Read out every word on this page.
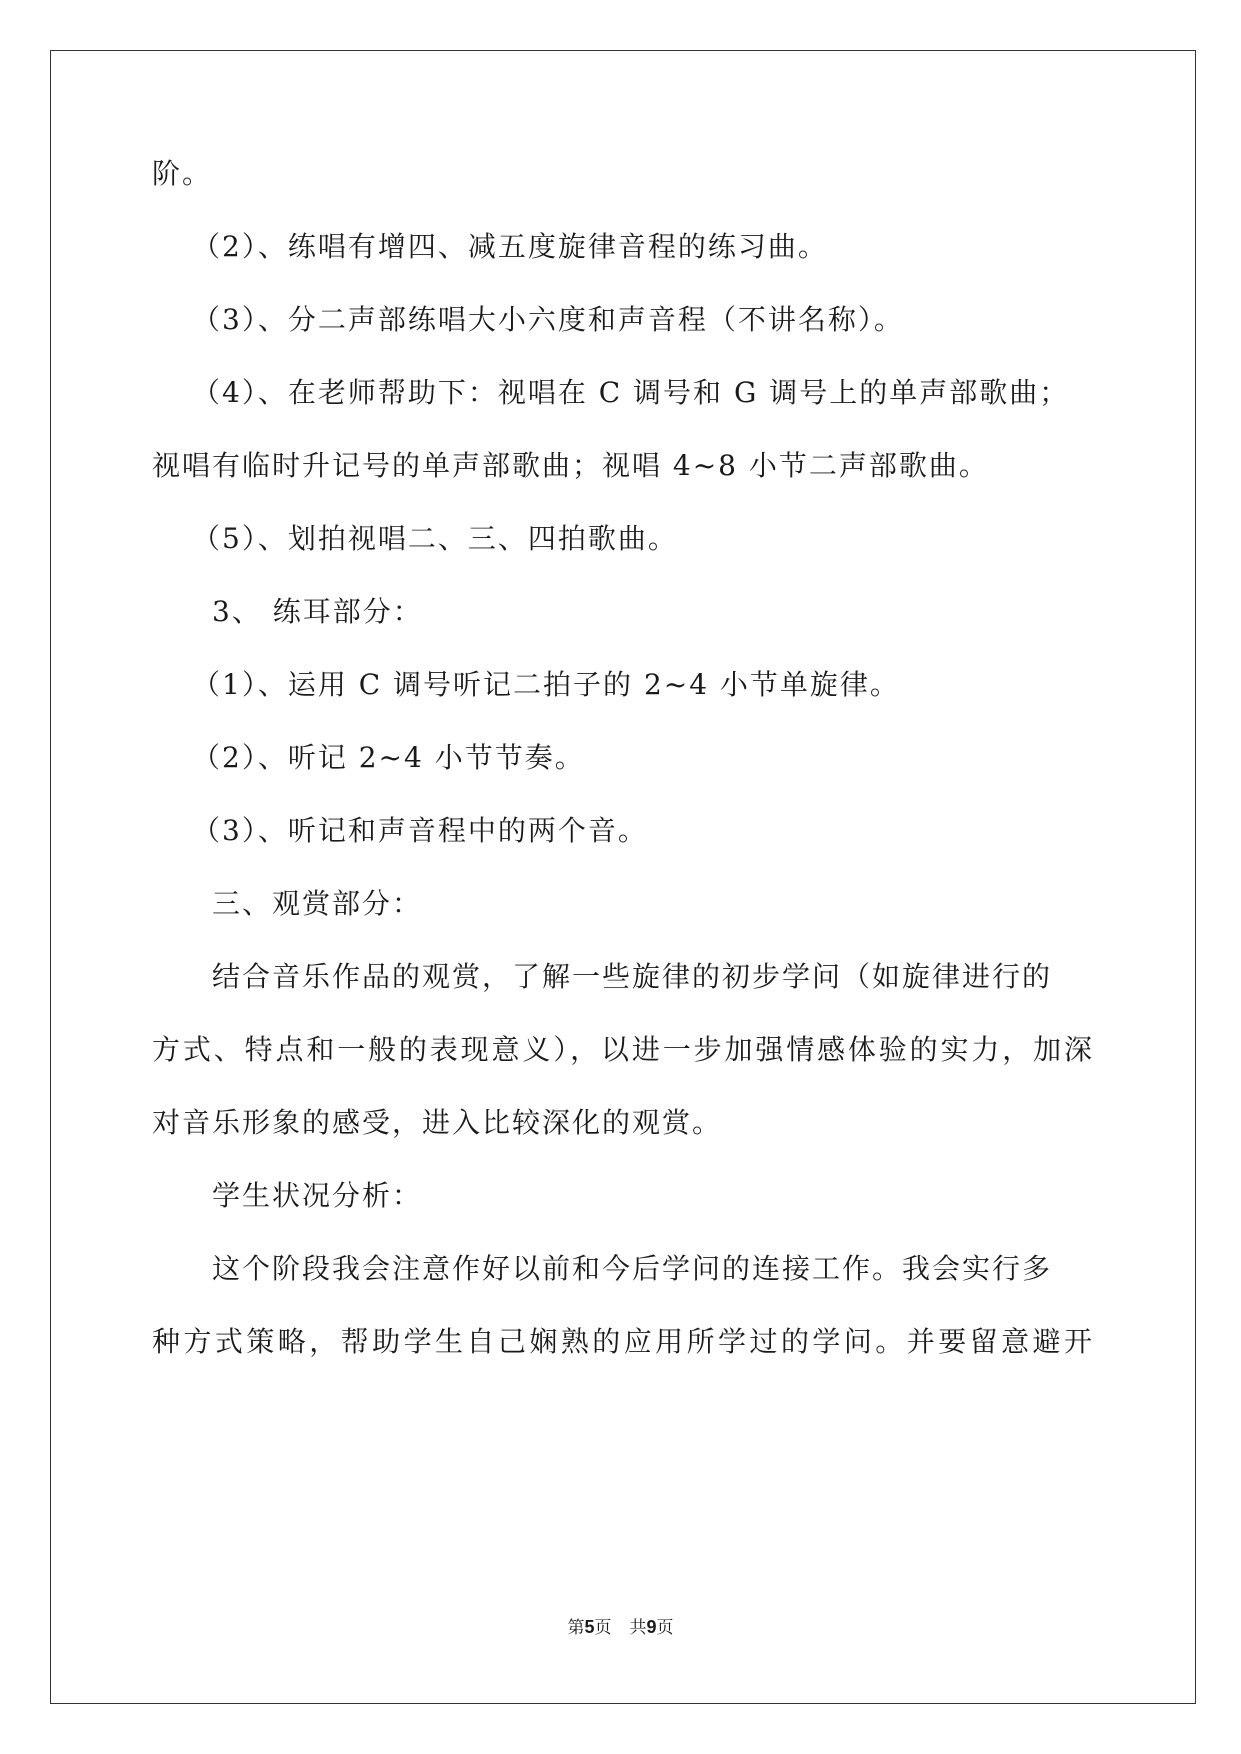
阶。
（2）、练唱有增四、减五度旋律音程的练习曲。
（3）、分二声部练唱大小六度和声音程（不讲名称）。
（4）、在老师帮助下：视唱在 C 调号和 G 调号上的单声部歌曲；
视唱有临时升记号的单声部歌曲；视唱 4~8 小节二声部歌曲。
（5）、划拍视唱二、三、四拍歌曲。
3、 练耳部分：
（1）、运用 C 调号听记二拍子的 2~4 小节单旋律。
（2）、听记 2~4 小节节奏。
（3）、听记和声音程中的两个音。
三、观赏部分：
结合音乐作品的观赏，了解一些旋律的初步学问（如旋律进行的
方式、特点和一般的表现意义），以进一步加强情感体验的实力，加深
对音乐形象的感受，进入比较深化的观赏。
学生状况分析：
这个阶段我会注意作好以前和今后学问的连接工作。我会实行多
种方式策略，帮助学生自己娴熟的应用所学过的学问。并要留意避开
第5页 共9页
